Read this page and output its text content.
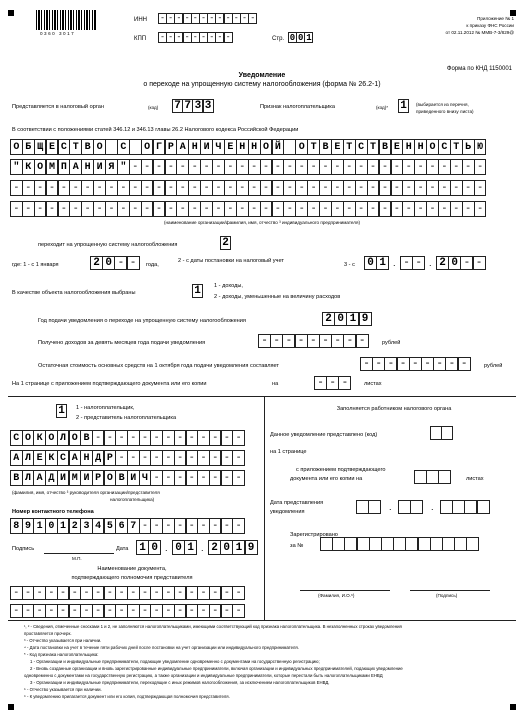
0360 3017
ИНН
-
-
-
-
-
-
-
-
-
-
-
-
КПП - - - - - - - - -	Стр. 0 0 1
Приложение № 1
к приказу ФНС России
от 02.11.2012 № ММВ-7-3/829@
Форма по КНД 1150001
Уведомление
о переходе на упрощенную систему налогообложения (форма № 26.2-1)
Представляется в налоговый орган	(код) 7 7 3 3	Признак налогоплательщика	(код)* 1	(выбирается из перечня,
приведенного внизу листа)
В соответствии с положениями статей 346.12 и 346.13 главы 26.2 Налогового кодекса Российской Федерации
О Б Щ Е С Т В О	С	О Г Р А Н И Ч Е Н Н О Й	О Т В Е Т С Т В Е Н Н О С Т Ь Ю
" К О М П А Н И Я "
-
-
-
-
-
-
-
-
-
-
-
-
-
-
-
-
-
-
-
-
-
-
-
-
-
-
-
-
-
-
-
-
-
-
-
-
-
-
-
-
-
-
-
-
-
-
-
-
-
-
-
-
-
-
-
-
-
-
-
-
-
-
-
-
-
-
-
-
-
-
-
-
-
-
-
-
-
-
-
-
-
-
-
-
-
-
-
-
-
-
-
-
-
-
-
-
-
-
-
-
-
-
-
-
-
-
-
-
-
-
(наименование организации/фамилия, имя, отчество ³ индивидуального предпринимателя)
переходит на упрощенную систему налогообложения	2
где: 1 - с 1 января	2 0 - -	года,
2 - с даты постановки на налоговый учет
3 - с 0 1 - -	2 0
-
-
В качестве объекта налогообложения выбраны	1	1 - доходы,
2 - доходы, уменьшенные на величину расходов
Год подачи уведомления о переходе на упрощенную систему налогообложения	2 0 1 9
Получено доходов за девять месяцев года подачи уведомления - - - - - - - - -	рублей
Остаточная стоимость основных средств на 1 октября года подачи уведомления составляет - - - - - - - - -	рублей
На 1 странице с приложением подтверждающего документа или его копии	на - - -	листах
1	1 - налогоплательщик,
2 - представитель налогоплательщика
С О К О Л О В
-
-
-
-
-
-
-
-
-
-
-
-
-
А Л Е К С А Н Д Р
-
-
-
-
-
-
-
-
-
-
-
В Л А Д И М И Р О В И Ч
-
-
-
-
-
-
-
-
(фамилия, имя, отчество ³ руководителя организации/представителя
налогоплательщика)
Номер контактного телефона
8 9 1 0 1 2 3 4 5 6 7
-
-
-
-
-
-
-
-
-
Подпись
М.П.
Дата 1 0 0 1 2 0 1 9
Наименование документа,
подтверждающего полномочия представителя
-
-
-
-
-
-
-
-
-
-
-
-
-
-
-
-
-
-
-
-
-
-
-
-
-
-
-
-
-
-
-
-
-
-
-
-
-
-
-
-
Заполняется работником налогового органа
Данное уведомление представлено (код)
на 1 странице
с приложением подтверждающего
документа или его копии на	листах
Дата представления
уведомления
Зарегистрировано
за №
(Фамилия, И.О.⁶)	(Подпись)
¹, ² - Сведения, отмеченные сносками 1 и 2, не заполняются налогоплательщиками, имеющими соответствующий код признака налогоплательщика. В незаполненных строках уведомления
проставляется прочерк.
³ - Отчество указывается при наличии.
⁴ - Дата постановки на учет в течение пяти рабочих дней после постановки на учет организации или индивидуального предпринимателя.
* - Код признака налогоплательщика:
1 - Организации и индивидуальные предприниматели, подающие уведомление одновременно с документами на государственную регистрацию;
2 - Вновь созданные организации и вновь зарегистрированные индивидуальные предприниматели, включая организации и индивидуальных предпринимателей, подающих уведомление
одновременно с документами на государственную регистрацию, а также организации и индивидуальные предприниматели, которые перестали быть налогоплательщиками ЕНВД
3 - Организации и индивидуальные предприниматели, переходящие с иных режимов налогообложения, за исключением налогоплательщиков ЕНВД.
⁵ - Отчество указывается при наличии.
⁶ - К уведомлению прилагается документ или его копия, подтверждающая полномочия представителя.
.	.
.	.
.	.
